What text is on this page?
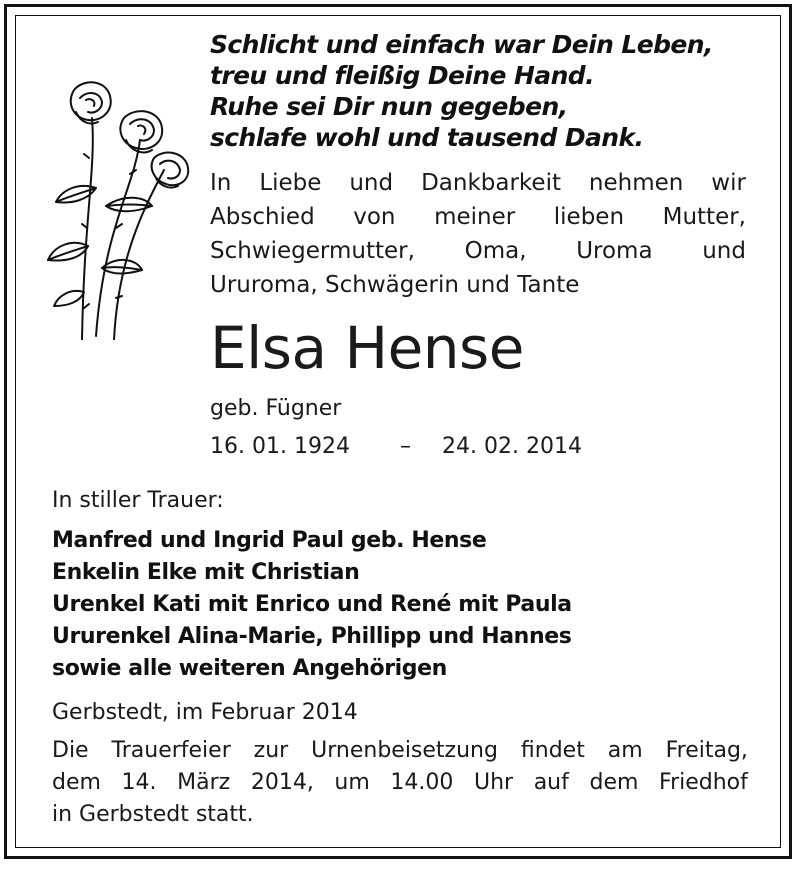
Schlicht und einfach war Dein Leben,
treu und fleißig Deine Hand.
Ruhe sei Dir nun gegeben,
schlafe wohl und tausend Dank.
In Liebe und Dankbarkeit nehmen wir
Abschied von meiner lieben Mutter,
Schwiegermutter, Oma, Uroma und
Ururoma, Schwägerin und Tante
Elsa Hense
geb. Fügner
16. 01. 1924 – 24. 02. 2014
In stiller Trauer:
Manfred und Ingrid Paul geb. Hense
Enkelin Elke mit Christian
Urenkel Kati mit Enrico und René mit Paula
Ururenkel Alina-Marie, Phillipp und Hannes
sowie alle weiteren Angehörigen
Gerbstedt, im Februar 2014
Die Trauerfeier zur Urnenbeisetzung findet am Freitag,
dem 14. März 2014, um 14.00 Uhr auf dem Friedhof
in Gerbstedt statt.
